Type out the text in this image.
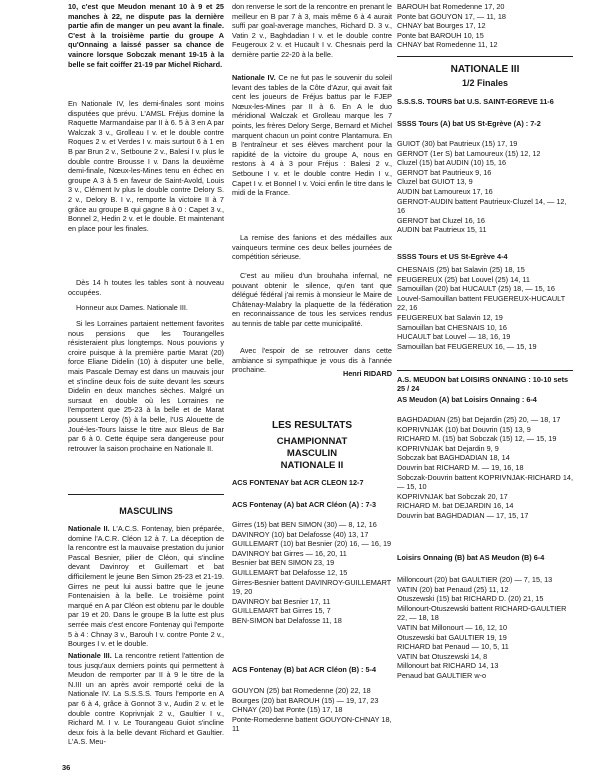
10, c'est que Meudon menant 10 à 9 et 25 manches à 22, ne dispute pas la dernière partie afin de manger un peu avant la finale. C'est à la troisième partie du groupe A qu'Onnaing a laissé passer sa chance de vaincre lorsque Sobczak menant 19-15 à la belle se fait coiffer 21-19 par Michel Richard.

En Nationale IV, les demi-finales sont moins disputées que prévu. L'AMSL Fréjus domine la Raquette Marmandaise par II à 6. 5 à 3 en A par Walczak 3 v., Grolleau I v. et le double contre Roques 2 v. et Verdes I v. mais surtout 6 à 1 en B par Brun 2 v., Setboune 2 v., Balesi I v. plus le double contre Brousse I v. Dans la deuxième demi-finale, Nœux-les-Mines tenu en échec en groupe A 3 à 5 en faveur de Saint-Avold, Louis 3 v., Clément Iv plus le double contre Delory S. 2 v., Delory B. I v., remporte la victoire II à 7 grâce au groupe B qui gagne 8 à 0 : Capet 3 v., Bonnel 2, Hedin 2 v. et le double. Et maintenant en place pour les finales.

Dès 14 h toutes les tables sont à nouveau occupées.

Honneur aux Dames. Nationale III.

Si les Lorraines partaient nettement favorites nous pensions que les Tourangelles résisteraient plus longtemps. Nous pouvions y croire puisque à la première partie Marat (20) force Eliane Didelin (10) à disputer une belle, mais Pascale Demay est dans un mauvais jour et s'incline deux fois de suite devant les sœurs Didelin en deux manches sèches. Malgré un sursaut en double où les Lorraines ne l'emportent que 25-23 à la belle et de Marat poussent Leroy (5) à la belle, l'US Alouette de Joué-les-Tours laisse le titre aux Bleus de Bar par 6 à 0. Cette équipe sera dangereuse pour retrouver la saison prochaine en Nationale II.

MASCULINS

Nationale II. L'A.C.S. Fontenay, bien préparée, domine l'A.C.R. Cléon 12 à 7. La déception de la rencontre est la mauvaise prestation du junior Pascal Besnier, pilier de Cléon, qui s'incline devant Davinroy et Guillemart et bat difficilement le jeune Ben Simon 25-23 et 21-19. Girres ne peut lui aussi battre que le jeune Fontenaisien à la belle. Le troisième point marqué en A par Cléon est obtenu par le double par 19 et 20. Dans le groupe B la lutte est plus serrée mais c'est encore Fontenay qui l'emporte 5 à 4 : Chnay 3 v., Barouh I v. contre Ponte 2 v., Bourges I v. et le double.

Nationale III. La rencontre retient l'attention de tous jusqu'aux derniers points qui permettent à Meudon de remporter par II à 9 le titre de la N.III un an après avoir remporté celui de la Nationale IV. La S.S.S.S. Tours l'emporte en A par 6 à 4, grâce à Gonnot 3 v., Audin 2 v. et le double contre Koprivnjak 2 v., Gaultier I v., Richard M. I v. Le Tourangeau Guiot s'incline deux fois à la belle devant Richard et Gaultier. L'A.S. Meu-

don renverse le sort de la rencontre en prenant le meilleur en B par 7 à 3, mais même 6 à 4 aurait suffi par goal-average manches, Richard D. 3 v., Vatin 2 v., Baghdadian I v. et le double contre Feugeroux 2 v. et Hucault I v. Chesnais perd la dernière partie 22-20 à la belle.

Nationale IV. Ce ne fut pas le souvenir du soleil levant des tables de la Côte d'Azur, qui avait fait cent les joueurs de Fréjus battus par le FJEP Nœux-les-Mines par II à 6. En A le duo méridional Walczak et Grolleau marque les 7 points, les frères Delory Serge, Bernard et Michel marquent chacun un point contre Plantamura. En B l'entraîneur et ses élèves marchent pour la rapidité de la victoire du groupe A, nous en restons à 4 à 3 pour Fréjus : Balesi 2 v., Setboune I v. et le double contre Hedin I v., Capet I v. et Bonnel I v. Voici enfin le titre dans le midi de la France.

La remise des fanions et des médailles aux vainqueurs termine ces deux belles journées de compétition sérieuse.

C'est au milieu d'un brouhaha infernal, ne pouvant obtenir le silence, qu'en tant que délégué fédéral j'ai remis à monsieur le Maire de Châtenay-Malabry la plaquette de la fédération en reconnaissance de tous les services rendus au tennis de table par cette municipalité.

Avec l'espoir de se retrouver dans cette ambiance si sympathique je vous dis à l'année prochaine.	Henri RIDARD
LES RESULTATS
CHAMPIONNAT
MASCULIN
NATIONALE II
ACS FONTENAY bat ACR CLEON 12-7
ACS Fontenay (A) bat ACR Cléon (A) : 7-3
Girres (15) bat BEN SIMON (30) — 8, 12, 16
DAVINROY (10) bat Delafosse (40) 13, 17
GUILLEMART (10) bat Besnier (20) 16, — 16, 19
DAVINROY bat Girres — 16, 20, 11
Besnier bat BEN SIMON 23, 19
GUILLEMART bat Delafosse 12, 15
Girres-Besnier battent DAVINROY-GUILLEMART 19, 20
DAVINROY bat Besnier 17, 11
GUILLEMART bat Girres 15, 7
BEN-SIMON bat Delafosse 11, 18
ACS Fontenay (B) bat ACR Cléon (B) : 5-4
GOUYON (25) bat Romedenne (20) 22, 18
Bourges (20) bat BAROUH (15) — 19, 17, 23
CHNAY (20) bat Ponte (15) 17, 18
Ponte-Romedenne battent GOUYON-CHNAY 18, 11
BAROUH bat Romedenne 17, 20
Ponte bat GOUYON 17, — 11, 18
CHNAY bat Bourges 17, 12
Ponte bat BAROUH 10, 15
CHNAY bat Romedenne 11, 12
NATIONALE III
1/2 Finales
S.S.S.S. TOURS bat U.S. SAINT-EGREVE 11-6
SSSS Tours (A) bat US St-Egrève (A) : 7-2
GUIOT (30) bat Pautrieux (15) 17, 19
GERNOT (1er S) bat Lamoureux (15) 12, 12
Cluzel (15) bat AUDIN (10) 15, 16
GERNOT bat Pautrieux 9, 16
Cluzel bat GUIOT 13, 9
AUDIN bat Lamoureux 17, 16
GERNOT-AUDIN battent Pautrieux-Cluzel 14, — 12, 16
GERNOT bat Cluzel 16, 16
AUDIN bat Pautrieux 15, 11
SSSS Tours et US St-Egrève 4-4
CHESNAIS (25) bat Salavin (25) 18, 15
FEUGEREUX (25) bat Louvel (25) 14, 11
Samouillan (20) bat HUCAULT (25) 18, — 15, 16
Louvel-Samouillan battent FEUGEREUX-HUCAULT 22, 16
FEUGEREUX bat Salavin 12, 19
Samouillan bat CHESNAIS 10, 16
HUCAULT bat Louvel — 18, 16, 19
Samouillan bat FEUGEREUX 16, — 15, 19
A.S. MEUDON bat LOISIRS ONNAING : 10-10 sets 25 / 24
AS Meudon (A) bat Loisirs Onnaing : 6-4
BAGHDADIAN (25) bat Dejardin (25) 20, — 18, 17
KOPRIVNJAK (10) bat Douvrin (15) 13, 9
RICHARD M. (15) bat Sobczak (15) 12, — 15, 19
KOPRIVNJAK bat Dejardin 9, 9
Sobczak bat BAGHDADIAN 18, 14
Douvrin bat RICHARD M. — 19, 16, 18
Sobczak-Douvrin battent KOPRIVNJAK-RICHARD 14, — 15, 10
KOPRIVNJAK bat Sobczak 20, 17
RICHARD M. bat DEJARDIN 16, 14
Douvrin bat BAGHDADIAN — 17, 15, 17
Loisirs Onnaing (B) bat AS Meudon (B) 6-4
Milloncourt (20) bat GAULTIER (20) — 7, 15, 13
VATIN (20) bat Penaud (25) 11, 12
Otuszewski (15) bat RICHARD D. (20) 21, 15
Millonourt-Otuszewski battent RICHARD-GAULTIER 22, — 18, 18
VATIN bat Millonourt — 16, 12, 10
Otuszewski bat GAULTIER 19, 19
RICHARD bat Penaud — 10, 5, 11
VATIN bat Otuszewski 14, 8
Millonourt bat RICHARD 14, 13
Penaud bat GAULTIER w-o
36
